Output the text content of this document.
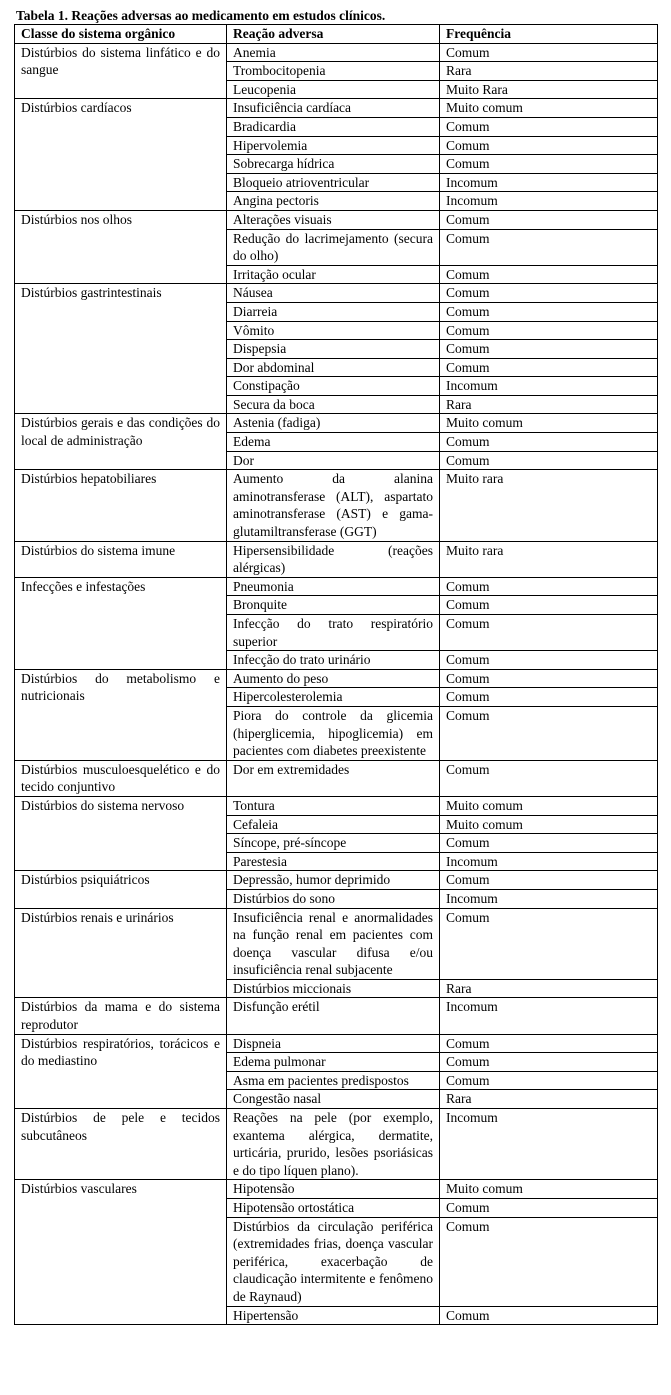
Tabela 1. Reações adversas ao medicamento em estudos clínicos.
Classe do sistema orgânico	Reação adversa	Frequência
Distúrbios do sistema linfático e do sangue	Anemia	Comum
	Trombocitopenia	Rara
	Leucopenia	Muito Rara
Distúrbios cardíacos	Insuficiência cardíaca	Muito comum
	Bradicardia	Comum
	Hipervolemia	Comum
	Sobrecarga hídrica	Comum
	Bloqueio atrioventricular	Incomum
	Angina pectoris	Incomum
Distúrbios nos olhos	Alterações visuais	Comum
	Redução do lacrimejamento (secura do olho)	Comum
	Irritação ocular	Comum
Distúrbios gastrintestinais	Náusea	Comum
	Diarreia	Comum
	Vômito	Comum
	Dispepsia	Comum
	Dor abdominal	Comum
	Constipação	Incomum
	Secura da boca	Rara
Distúrbios gerais e das condições do local de administração	Astenia (fadiga)	Muito comum
	Edema	Comum
	Dor	Comum
Distúrbios hepatobiliares	Aumento da alanina aminotransferase (ALT), aspartato aminotransferase (AST) e gama-glutamiltransferase (GGT)	Muito rara
Distúrbios do sistema imune	Hipersensibilidade (reações alérgicas)	Muito rara
Infecções e infestações	Pneumonia	Comum
	Bronquite	Comum
	Infecção do trato respiratório superior	Comum
	Infecção do trato urinário	Comum
Distúrbios do metabolismo e nutricionais	Aumento do peso	Comum
	Hipercolesterolemia	Comum
	Piora do controle da glicemia (hiperglicemia, hipoglicemia) em pacientes com diabetes preexistente	Comum
Distúrbios musculoesquelético e do tecido conjuntivo	Dor em extremidades	Comum
Distúrbios do sistema nervoso	Tontura	Muito comum
	Cefaleia	Muito comum
	Síncope, pré-síncope	Comum
	Parestesia	Incomum
Distúrbios psiquiátricos	Depressão, humor deprimido	Comum
	Distúrbios do sono	Incomum
Distúrbios renais e urinários	Insuficiência renal e anormalidades na função renal em pacientes com doença vascular difusa e/ou insuficiência renal subjacente	Comum
	Distúrbios miccionais	Rara
Distúrbios da mama e do sistema reprodutor	Disfunção erétil	Incomum
Distúrbios respiratórios, torácicos e do mediastino	Dispneia	Comum
	Edema pulmonar	Comum
	Asma em pacientes predispostos	Comum
	Congestão nasal	Rara
Distúrbios de pele e tecidos subcutâneos	Reações na pele (por exemplo, exantema alérgica, dermatite, urticária, prurido, lesões psoriásicas e do tipo líquen plano).	Incomum
Distúrbios vasculares	Hipotensão	Muito comum
	Hipotensão ortostática	Comum
	Distúrbios da circulação periférica (extremidades frias, doença vascular periférica, exacerbação de claudicação intermitente e fenômeno de Raynaud)	Comum
	Hipertensão	Comum
